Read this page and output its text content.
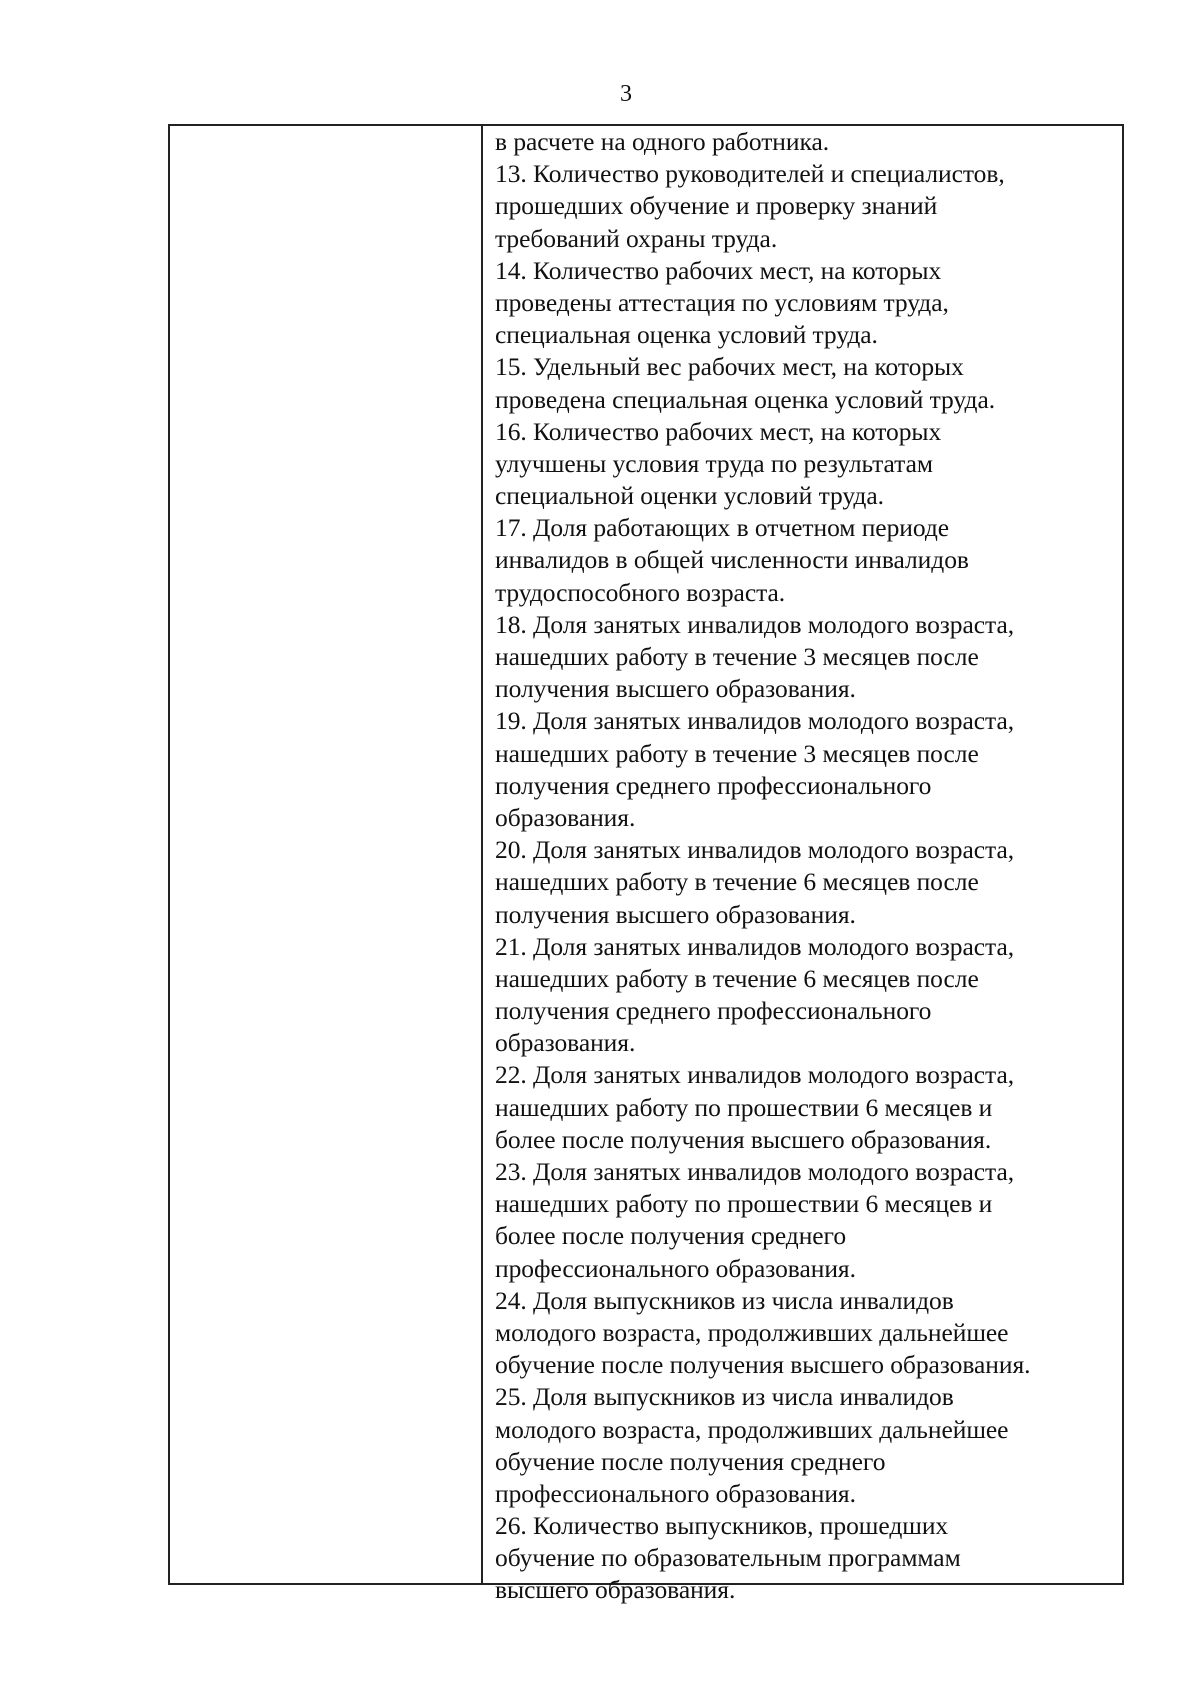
3
в расчете на одного работника.
13. Количество руководителей и специалистов,
прошедших обучение и проверку знаний
требований охраны труда.
14. Количество рабочих мест, на которых
проведены аттестация по условиям труда,
специальная оценка условий труда.
15. Удельный вес рабочих мест, на которых
проведена специальная оценка условий труда.
16. Количество рабочих мест, на которых
улучшены условия труда по результатам
специальной оценки условий труда.
17. Доля работающих в отчетном периоде
инвалидов в общей численности инвалидов
трудоспособного возраста.
18. Доля занятых инвалидов молодого возраста,
нашедших работу в течение 3 месяцев после
получения высшего образования.
19. Доля занятых инвалидов молодого возраста,
нашедших работу в течение 3 месяцев после
получения среднего профессионального
образования.
20. Доля занятых инвалидов молодого возраста,
нашедших работу в течение 6 месяцев после
получения высшего образования.
21. Доля занятых инвалидов молодого возраста,
нашедших работу в течение 6 месяцев после
получения среднего профессионального
образования.
22. Доля занятых инвалидов молодого возраста,
нашедших работу по прошествии 6 месяцев и
более после получения высшего образования.
23. Доля занятых инвалидов молодого возраста,
нашедших работу по прошествии 6 месяцев и
более после получения среднего
профессионального образования.
24. Доля выпускников из числа инвалидов
молодого возраста, продолживших дальнейшее
обучение после получения высшего образования.
25. Доля выпускников из числа инвалидов
молодого возраста, продолживших дальнейшее
обучение после получения среднего
профессионального образования.
26. Количество выпускников, прошедших
обучение по образовательным программам
высшего образования.
